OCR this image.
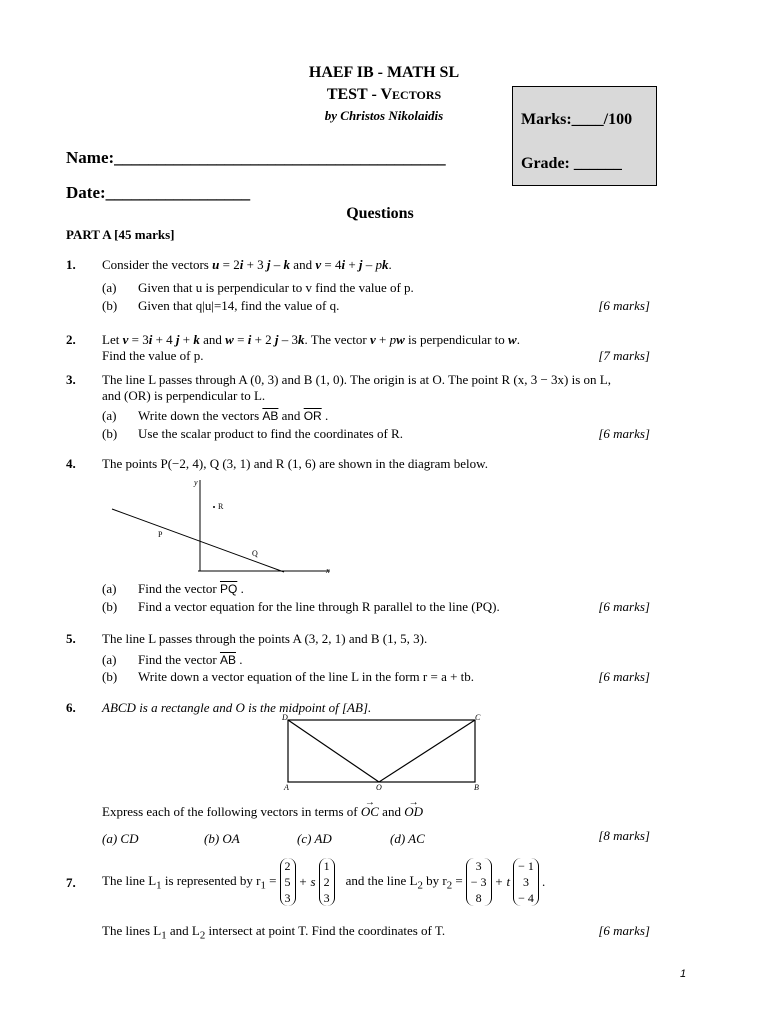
HAEF IB - MATH SL
TEST - VECTORS
by Christos Nikolaidis	Marks:____/100
Grade: ______
Name:_______________________________________
Date:_________________
Questions
PART A [45 marks]
1. Consider the vectors u = 2i + 3 j – k and v = 4i + j – pk.
(a) Given that u is perpendicular to v find the value of p.
(b) Given that q|u|=14, find the value of q.	[6 marks]
2. Let v = 3i + 4 j + k and w = i + 2 j – 3k. The vector v + pw is perpendicular to w.
Find the value of p.	[7 marks]
3. The line L passes through A (0, 3) and B (1, 0). The origin is at O. The point R (x, 3 − 3x) is on L,
and (OR) is perpendicular to L.
(a) Write down the vectors $\overline{AB}$ and $\overline{OR}$ .
(b) Use the scalar product to find the coordinates of R.	[6 marks]
4. The points P(−2, 4), Q (3, 1) and R (1, 6) are shown in the diagram below.
y
x
R
P
Q
(a) Find the vector $\overline{PQ}$ .
(b) Find a vector equation for the line through R parallel to the line (PQ).	[6 marks]
5. The line L passes through the points A (3, 2, 1) and B (1, 5, 3).
(a) Find the vector $\overline{AB}$ .
(b) Write down a vector equation of the line L in the form r = a + tb.	[6 marks]
6. ABCD is a rectangle and O is the midpoint of [AB].
D	C
A	O	B
Express each of the following vectors in terms of → OC and → OD
(a) CD	(b) OA	(c) AD	(d) AC	[8 marks]
7. The line $L_1$ is represented by $r_1$ =
2
5
3
+ s
1
2
3
and the line $L_2$ by $r_2$ =
3
− 3
8
+ t
− 1
3
− 4
.
The lines $L_1$ and $L_2$ intersect at point T. Find the coordinates of T.	[6 marks]
1
